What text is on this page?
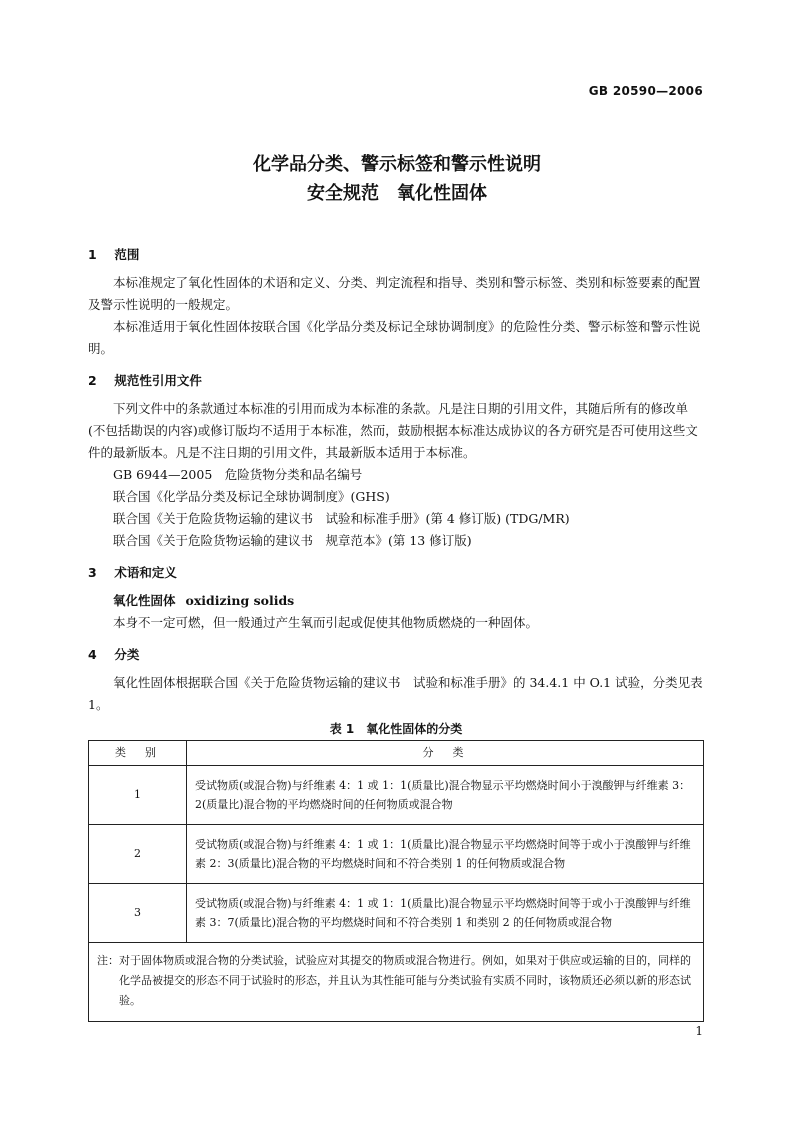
GB 20590—2006
化学品分类、警示标签和警示性说明
安全规范　氧化性固体
1 范围

本标准规定了氧化性固体的术语和定义、分类、判定流程和指导、类别和警示标签、类别和标签要素的配置及警示性说明的一般规定。

本标准适用于氧化性固体按联合国《化学品分类及标记全球协调制度》的危险性分类、警示标签和警示性说明。

2 规范性引用文件

下列文件中的条款通过本标准的引用而成为本标准的条款。凡是注日期的引用文件，其随后所有的修改单(不包括勘误的内容)或修订版均不适用于本标准，然而，鼓励根据本标准达成协议的各方研究是否可使用这些文件的最新版本。凡是不注日期的引用文件，其最新版本适用于本标准。

GB 6944—2005　危险货物分类和品名编号

联合国《化学品分类及标记全球协调制度》(GHS)

联合国《关于危险货物运输的建议书　试验和标准手册》(第 4 修订版) (TDG/MR)

联合国《关于危险货物运输的建议书　规章范本》(第 13 修订版)

3 术语和定义

氧化性固体 oxidizing solids

本身不一定可燃，但一般通过产生氧而引起或促使其他物质燃烧的一种固体。

4 分类

氧化性固体根据联合国《关于危险货物运输的建议书　试验和标准手册》的 34.4.1 中 O.1 试验，分类见表 1。

表 1　氧化性固体的分类
类　别	分　类
1	受试物质(或混合物)与纤维素 4：1 或 1：1(质量比)混合物显示平均燃烧时间小于溴酸钾与纤维素 3：2(质量比)混合物的平均燃烧时间的任何物质或混合物
2	受试物质(或混合物)与纤维素 4：1 或 1：1(质量比)混合物显示平均燃烧时间等于或小于溴酸钾与纤维素 2：3(质量比)混合物的平均燃烧时间和不符合类别 1 的任何物质或混合物
3	受试物质(或混合物)与纤维素 4：1 或 1：1(质量比)混合物显示平均燃烧时间等于或小于溴酸钾与纤维素 3：7(质量比)混合物的平均燃烧时间和不符合类别 1 和类别 2 的任何物质或混合物
注：对于固体物质或混合物的分类试验，试验应对其提交的物质或混合物进行。例如，如果对于供应或运输的目的，同样的化学品被提交的形态不同于试验时的形态，并且认为其性能可能与分类试验有实质不同时，该物质还必须以新的形态试验。	
1
